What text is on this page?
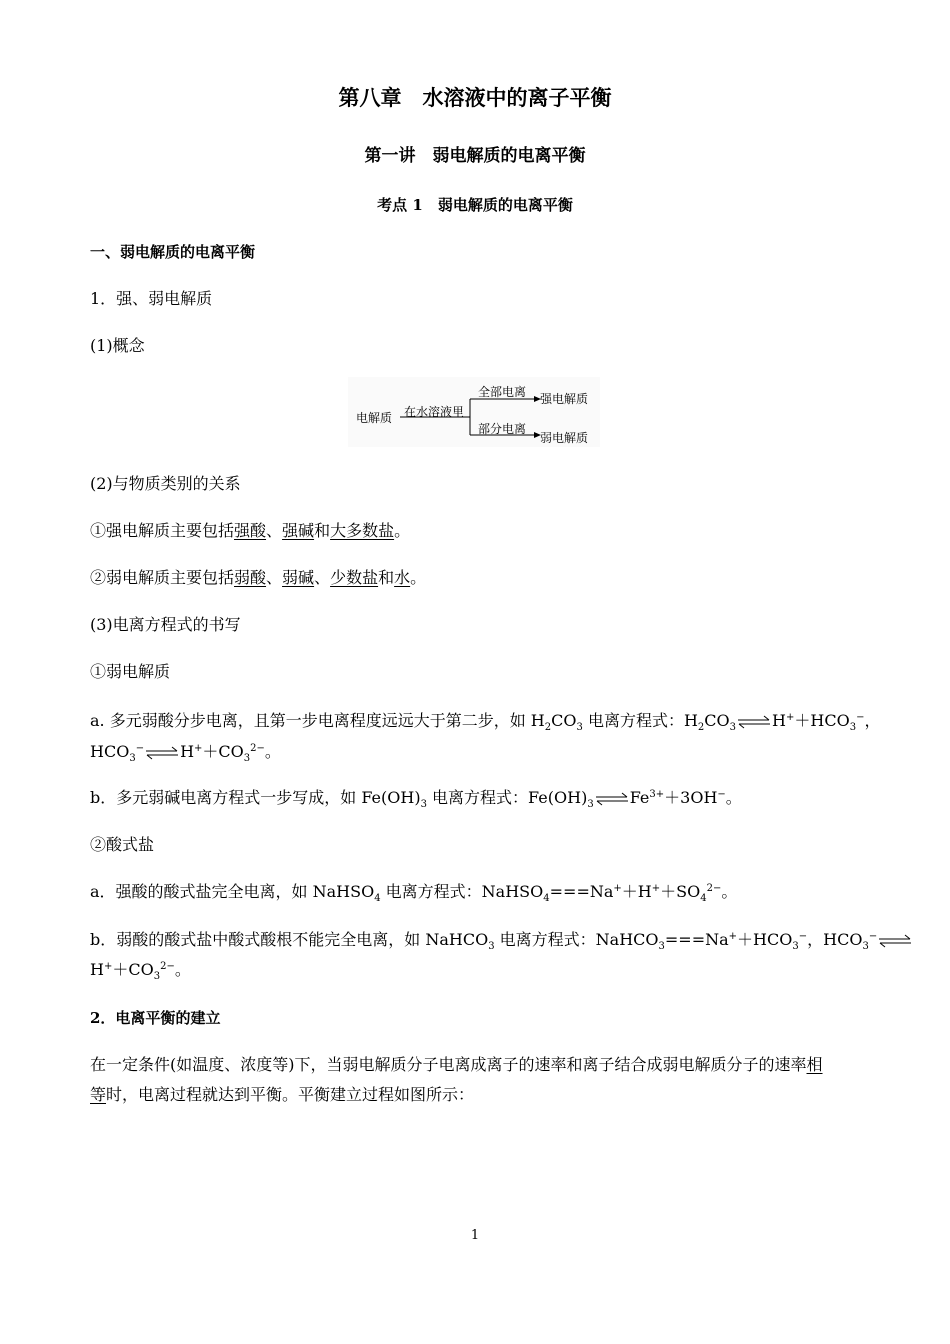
第八章　水溶液中的离子平衡
第一讲　弱电解质的电离平衡
考点 1　弱电解质的电离平衡
一、弱电解质的电离平衡
1．强、弱电解质
(1)概念
电解质 在水溶液里
全部电离 强电解质
部分电离
弱电解质
(2)与物质类别的关系
①强电解质主要包括强酸、强碱和大多数盐。
②弱电解质主要包括弱酸、弱碱、少数盐和水。
(3)电离方程式的书写
①弱电解质
a. 多元弱酸分步电离，且第一步电离程度远远大于第二步，如 $H_2CO_3$ 电离方程式：$H_2CO_3\rightleftharpoons H^++HCO_3^-$，
$HCO_3^-\rightleftharpoons H^++CO_3^{2-}$。
b．多元弱碱电离方程式一步写成，如 $Fe(OH)_3$ 电离方程式：$Fe(OH)_3\rightleftharpoons Fe^{3+}+3OH^-$。
②酸式盐
a．强酸的酸式盐完全电离，如 NaHSO$_4$ 电离方程式：$NaHSO_4===Na^++H^++SO_4^{2-}$。
b．弱酸的酸式盐中酸式酸根不能完全电离，如 NaHCO$_3$ 电离方程式：$NaHCO_3===Na^++HCO_3^-$，$HCO_3^-\rightleftharpoons$
$H^++CO_3^{2-}$。
2．电离平衡的建立
在一定条件(如温度、浓度等)下，当弱电解质分子电离成离子的速率和离子结合成弱电解质分子的速率相
等时，电离过程就达到平衡。平衡建立过程如图所示：
1
